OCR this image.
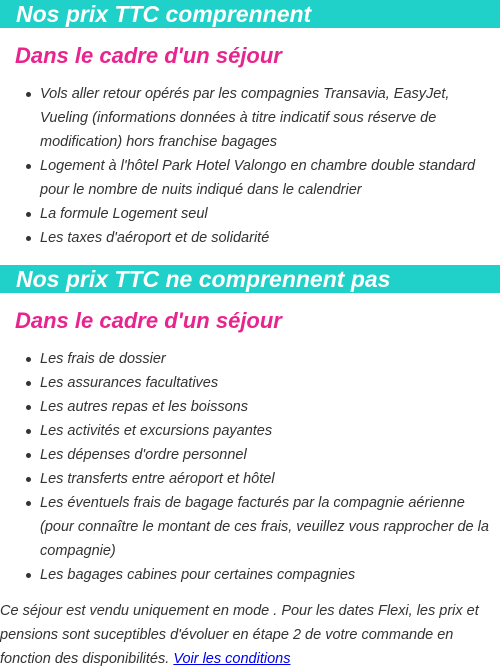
Nos prix TTC comprennent
Dans le cadre d'un séjour
Vols aller retour opérés par les compagnies Transavia, EasyJet, Vueling (informations données à titre indicatif sous réserve de modification) hors franchise bagages
Logement à l'hôtel Park Hotel Valongo en chambre double standard pour le nombre de nuits indiqué dans le calendrier
La formule Logement seul
Les taxes d'aéroport et de solidarité
Nos prix TTC ne comprennent pas
Dans le cadre d'un séjour
Les frais de dossier
Les assurances facultatives
Les autres repas et les boissons
Les activités et excursions payantes
Les dépenses d'ordre personnel
Les transferts entre aéroport et hôtel
Les éventuels frais de bagage facturés par la compagnie aérienne (pour connaître le montant de ces frais, veuillez vous rapprocher de la compagnie)
Les bagages cabines pour certaines compagnies

Ce séjour est vendu uniquement en mode . Pour les dates Flexi, les prix et pensions sont suceptibles d'évoluer en étape 2 de votre commande en fonction des disponibilités. Voir les conditions
